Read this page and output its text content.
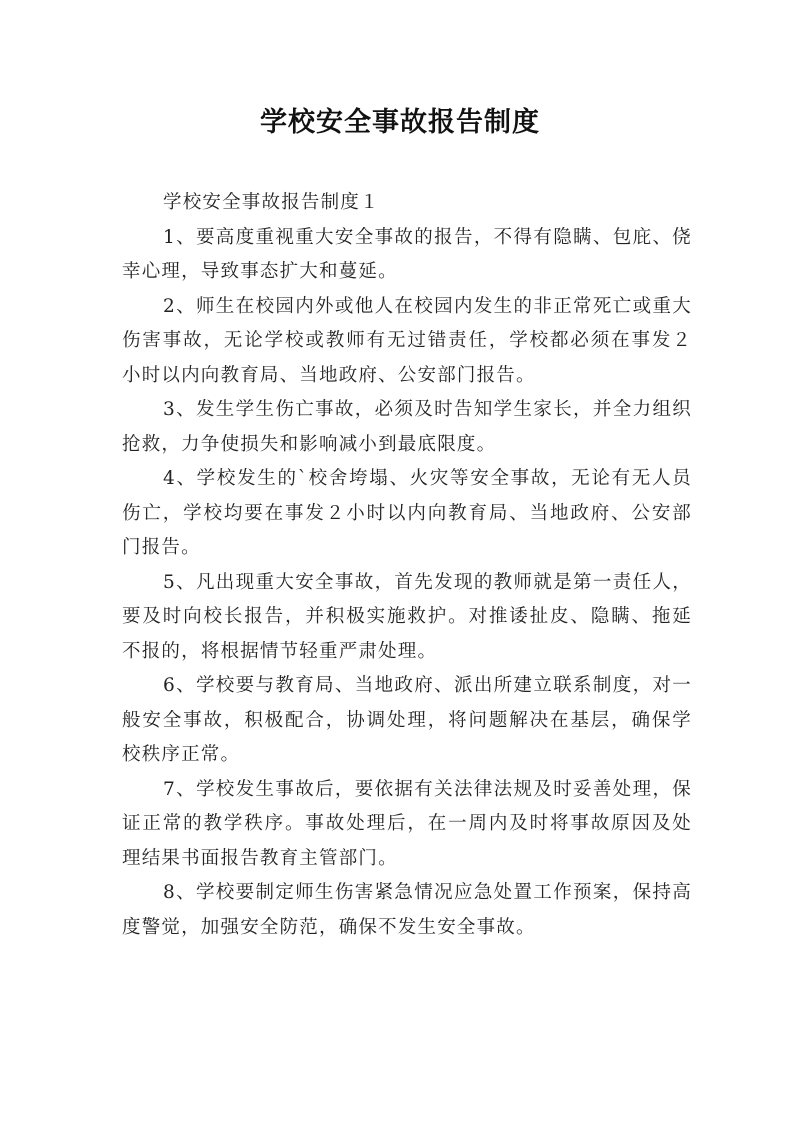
学校安全事故报告制度

学校安全事故报告制度１

1、要高度重视重大安全事故的报告，不得有隐瞒、包庇、侥幸心理，导致事态扩大和蔓延。

2、师生在校园内外或他人在校园内发生的非正常死亡或重大伤害事故，无论学校或教师有无过错责任，学校都必须在事发２小时以内向教育局、当地政府、公安部门报告。

3、发生学生伤亡事故，必须及时告知学生家长，并全力组织抢救，力争使损失和影响减小到最底限度。

4、学校发生的`校舍垮塌、火灾等安全事故，无论有无人员伤亡，学校均要在事发２小时以内向教育局、当地政府、公安部门报告。

5、凡出现重大安全事故，首先发现的教师就是第一责任人，要及时向校长报告，并积极实施救护。对推诿扯皮、隐瞒、拖延不报的，将根据情节轻重严肃处理。

6、学校要与教育局、当地政府、派出所建立联系制度，对一般安全事故，积极配合，协调处理，将问题解决在基层，确保学校秩序正常。

7、学校发生事故后，要依据有关法律法规及时妥善处理，保证正常的教学秩序。事故处理后，在一周内及时将事故原因及处理结果书面报告教育主管部门。

8、学校要制定师生伤害紧急情况应急处置工作预案，保持高度警觉，加强安全防范，确保不发生安全事故。
